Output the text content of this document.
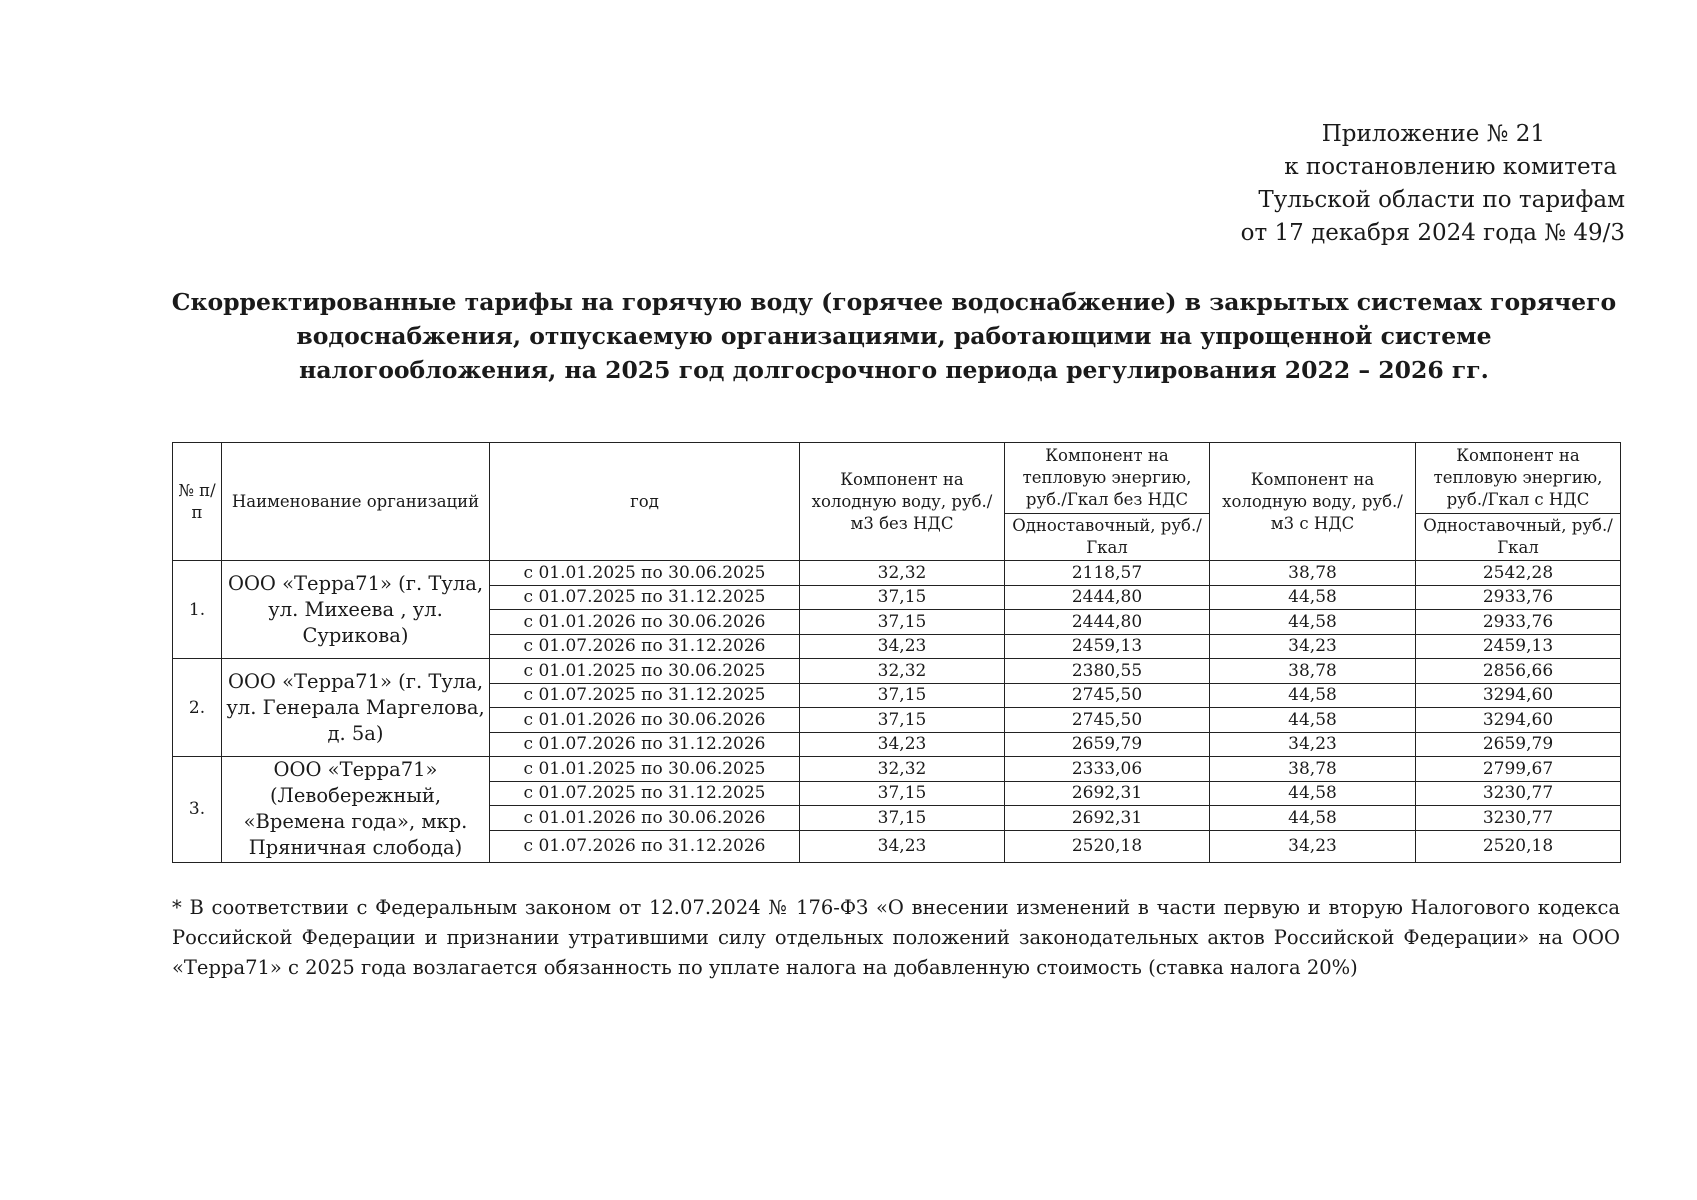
Приложение № 21
к постановлению комитета
Тульской области по тарифам
от 17 декабря 2024 года № 49/3
Скорректированные тарифы на горячую воду (горячее водоснабжение) в закрытых системах горячего водоснабжения, отпускаемую организациями, работающими на упрощенной системе налогообложения, на 2025 год долгосрочного периода регулирования 2022 – 2026 гг.
№ п/п	Наименование организаций	год	Компонент на холодную воду, руб./м3 без НДС	Компонент на тепловую энергию, руб./Гкал без НДС	Компонент на холодную воду, руб./м3 с НДС	Компонент на тепловую энергию, руб./Гкал с НДС
				Одноставочный, руб./Гкал		Одноставочный, руб./Гкал
1.	ООО «Терра71» (г. Тула, ул. Михеева , ул. Сурикова)	с 01.01.2025 по 30.06.2025	32,32	2118,57	38,78	2542,28
		с 01.07.2025 по 31.12.2025	37,15	2444,80	44,58	2933,76
		с 01.01.2026 по 30.06.2026	37,15	2444,80	44,58	2933,76
		с 01.07.2026 по 31.12.2026	34,23	2459,13	34,23	2459,13
2.	ООО «Терра71» (г. Тула, ул. Генерала Маргелова, д. 5а)	с 01.01.2025 по 30.06.2025	32,32	2380,55	38,78	2856,66
		с 01.07.2025 по 31.12.2025	37,15	2745,50	44,58	3294,60
		с 01.01.2026 по 30.06.2026	37,15	2745,50	44,58	3294,60
		с 01.07.2026 по 31.12.2026	34,23	2659,79	34,23	2659,79
3.	ООО «Терра71» (Левобережный, «Времена года», мкр. Пряничная слобода)	с 01.01.2025 по 30.06.2025	32,32	2333,06	38,78	2799,67
		с 01.07.2025 по 31.12.2025	37,15	2692,31	44,58	3230,77
		с 01.01.2026 по 30.06.2026	37,15	2692,31	44,58	3230,77
		с 01.07.2026 по 31.12.2026	34,23	2520,18	34,23	2520,18
* В соответствии с Федеральным законом от 12.07.2024 № 176-ФЗ «О внесении изменений в части первую и вторую Налогового кодекса Российской Федерации и признании утратившими силу отдельных положений законодательных актов Российской Федерации» на ООО «Терра71» с 2025 года возлагается обязанность по уплате налога на добавленную стоимость (ставка налога 20%)
